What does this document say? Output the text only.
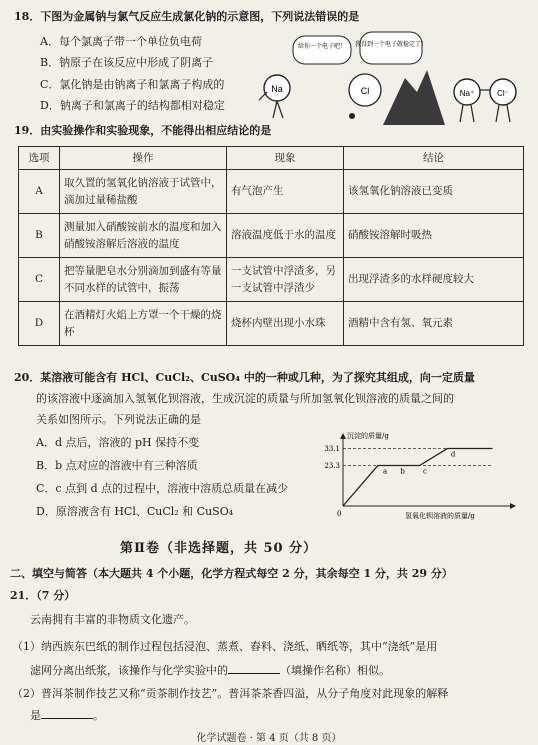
18．下图为金属钠与氯气反应生成氯化钠的示意图，下列说法错误的是
A．每个氯离子带一个单位负电荷
B．钠原子在该反应中形成了阴离子
C．氯化钠是由钠离子和氯离子构成的
D．钠离子和氯离子的结构都相对稳定
Na
给你一个电子吧！
Cl
我得到一个电子就稳定了！
Na⁺	Cl⁻
19．由实验操作和实验现象，不能得出相应结论的是
选项	操作	现象	结论
A	取久置的氢氧化钠溶液于试管中，滴加过量稀盐酸	有气泡产生	该氢氧化钠溶液已变质
B	测量加入硝酸铵前水的温度和加入硝酸铵溶解后溶液的温度	溶液温度低于水的温度	硝酸铵溶解时吸热
C	把等量肥皂水分别滴加到盛有等量不同水样的试管中，振荡	一支试管中浮渣多，另一支试管中浮渣少	出现浮渣多的水样硬度较大
D	在酒精灯火焰上方罩一个干燥的烧杯	烧杯内壁出现小水珠	酒精中含有氢、氧元素
20．某溶液可能含有 HCl、CuCl₂、CuSO₄ 中的一种或几种，为了探究其组成，向一定质量
的该溶液中逐滴加入氢氧化钡溶液，生成沉淀的质量与所加氢氧化钡溶液的质量之间的
关系如图所示。下列说法正确的是
A．d 点后，溶液的 pH 保持不变
B．b 点对应的溶液中有三种溶质
C．c 点到 d 点的过程中，溶液中溶质总质量在减少
D．原溶液含有 HCl、CuCl₂ 和 CuSO₄
沉淀的质量/g
氢氧化钡溶液的质量/g
0
33.1
23.3
a b	c
d
第Ⅱ卷（非选择题，共 50 分）
二、填空与简答（本大题共 4 个小题，化学方程式每空 2 分，其余每空 1 分，共 29 分）
21．（7 分）
云南拥有丰富的非物质文化遗产。
（1）纳西族东巴纸的制作过程包括浸泡、蒸煮、舂料、浇纸、晒纸等，其中“浇纸”是用
滤网分离出纸浆，该操作与化学实验中的	（填操作名称）相似。
（2）普洱茶制作技艺又称“贡茶制作技艺”。普洱茶茶香四溢，从分子角度对此现象的解释
是	。
化学试题卷 · 第 4 页（共 8 页）
